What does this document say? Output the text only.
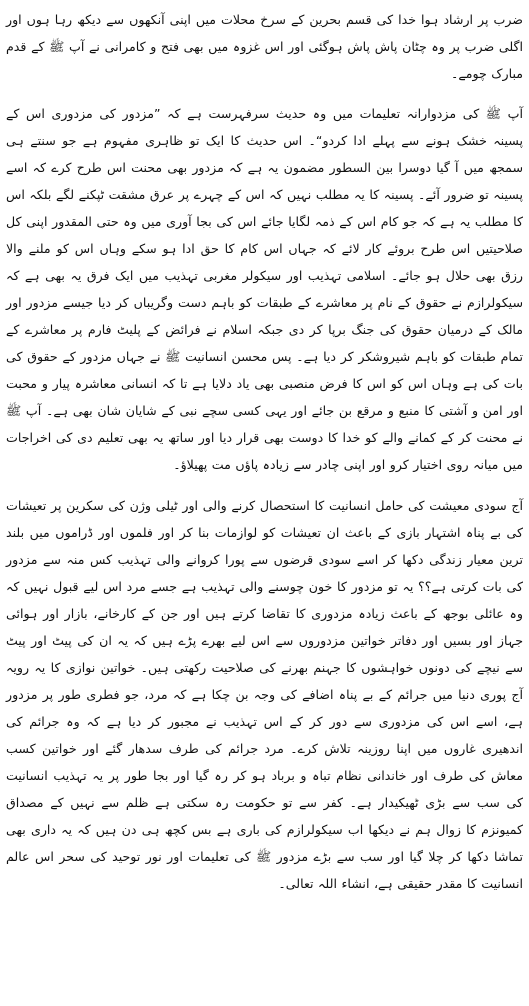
ضرب پر ارشاد ہوا خدا کی قسم بحرین کے سرخ محلات میں اپنی آنکھوں سے دیکھ رہا ہوں اور اگلی ضرب پر وہ چٹان پاش پاش ہوگئی اور اس غزوہ میں بھی فتح و کامرانی نے آپ ﷺ کے قدم مبارک چومے۔

آپ ﷺ کی مزدوارانہ تعلیمات میں وہ حدیث سرفہرست ہے کہ ”مزدور کی مزدوری اس کے پسینہ خشک ہونے سے پہلے ادا کردو“۔ اس حدیث کا ایک تو ظاہری مفہوم ہے جو سنتے ہی سمجھ میں آ گیا دوسرا بین السطور مضمون یہ ہے کہ مزدور بھی محنت اس طرح کرے کہ اسے پسینہ تو ضرور آئے۔ پسینہ کا یہ مطلب نہیں کہ اس کے چہرے پر عرق مشقت ٹپکنے لگے بلکہ اس کا مطلب یہ ہے کہ جو کام اس کے ذمہ لگایا جائے اس کی بجا آوری میں وہ حتی المقدور اپنی کل صلاحیتیں اس طرح بروئے کار لائے کہ جہاں اس کام کا حق ادا ہو سکے وہاں اس کو ملنے والا رزق بھی حلال ہو جائے۔ اسلامی تہذیب اور سیکولر مغربی تہذیب میں ایک فرق یہ بھی ہے کہ سیکولرازم نے حقوق کے نام پر معاشرے کے طبقات کو باہم دست وگریباں کر دیا جیسے مزدور اور مالک کے درمیان حقوق کی جنگ برپا کر دی جبکہ اسلام نے فرائض کے پلیٹ فارم پر معاشرے کے تمام طبقات کو باہم شیروشکر کر دیا ہے۔ پس محسن انسانیت ﷺ نے جہاں مزدور کے حقوق کی بات کی ہے وہاں اس کو اس کا فرض منصبی بھی یاد دلایا ہے تا کہ انسانی معاشرہ پیار و محبت اور امن و آشتی کا منبع و مرقع بن جائے اور یہی کسی سچے نبی کے شایان شان بھی ہے۔ آپ ﷺ نے محنت کر کے کمانے والے کو خدا کا دوست بھی قرار دیا اور ساتھ یہ بھی تعلیم دی کی اخراجات میں میانہ روی اختیار کرو اور اپنی چادر سے زیادہ پاؤں مت پھیلاؤ۔

آج سودی معیشت کی حامل انسانیت کا استحصال کرنے والی اور ٹیلی وژن کی سکرین پر تعیشات کی بے پناہ اشتہار بازی کے باعث ان تعیشات کو لوازمات بنا کر اور فلموں اور ڈراموں میں بلند ترین معیار زندگی دکھا کر اسے سودی قرضوں سے پورا کروانے والی تہذیب کس منہ سے مزدور کی بات کرتی ہے؟؟ یہ تو مزدور کا خون چوسنے والی تہذیب ہے جسے مرد اس لیے قبول نہیں کہ وہ عائلی بوجھ کے باعث زیادہ مزدوری کا تقاضا کرتے ہیں اور جن کے کارخانے، بازار اور ہوائی جہاز اور بسیں اور دفاتر خواتین مزدوروں سے اس لیے بھرے پڑے ہیں کہ یہ ان کی پیٹ اور پیٹ سے نیچے کی دونوں خواہشوں کا جہنم بھرنے کی صلاحیت رکھتی ہیں۔ خواتین نوازی کا یہ رویہ آج پوری دنیا میں جرائم کے بے پناہ اضافے کی وجہ بن چکا ہے کہ مرد، جو فطری طور پر مزدور ہے، اسے اس کی مزدوری سے دور کر کے اس تہذیب نے مجبور کر دیا ہے کہ وہ جرائم کی اندھیری غاروں میں اپنا روزینہ تلاش کرے۔ مرد جرائم کی طرف سدھار گئے اور خواتین کسب معاش کی طرف اور خاندانی نظام تباہ و برباد ہو کر رہ گیا اور بجا طور پر یہ تہذیب انسانیت کی سب سے بڑی ٹھیکیدار ہے۔ کفر سے تو حکومت رہ سکتی ہے ظلم سے نہیں کے مصداق کمیونزم کا زوال ہم نے دیکھا اب سیکولرازم کی باری ہے بس کچھ ہی دن ہیں کہ یہ داری بھی تماشا دکھا کر چلا گیا اور سب سے بڑے مزدور ﷺ کی تعلیمات اور نور توحید کی سحر اس عالم انسانیت کا مقدر حقیقی ہے، انشاء اللہ تعالی۔
